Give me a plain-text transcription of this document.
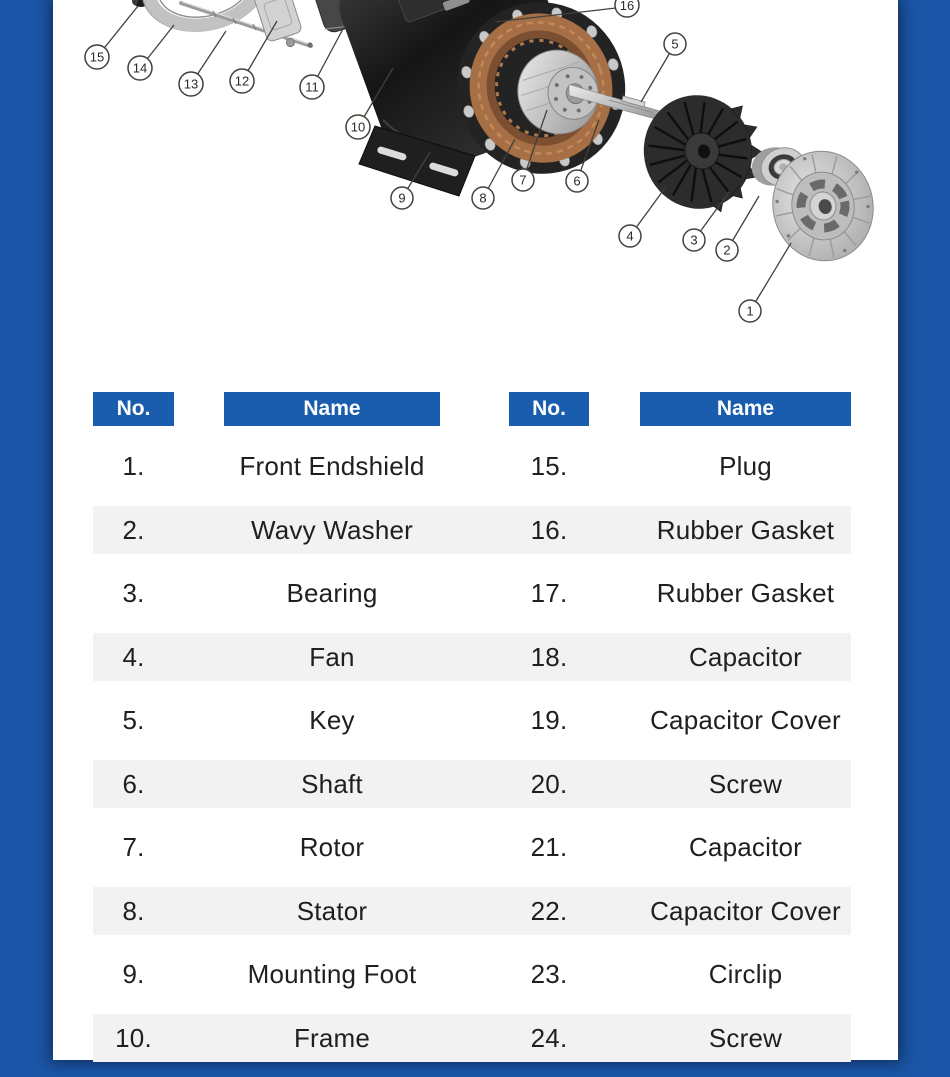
1
2
3
4
5
6
7
8
9
10
11
12
13
14
15
16
No.	Name	No.	Name
1.	Front Endshield	15.	Plug
2.	Wavy Washer	16.	Rubber Gasket
3.	Bearing	17.	Rubber Gasket
4.	Fan	18.	Capacitor
5.	Key	19.	Capacitor Cover
6.	Shaft	20.	Screw
7.	Rotor	21.	Capacitor
8.	Stator	22.	Capacitor Cover
9.	Mounting Foot	23.	Circlip
10.	Frame	24.	Screw
